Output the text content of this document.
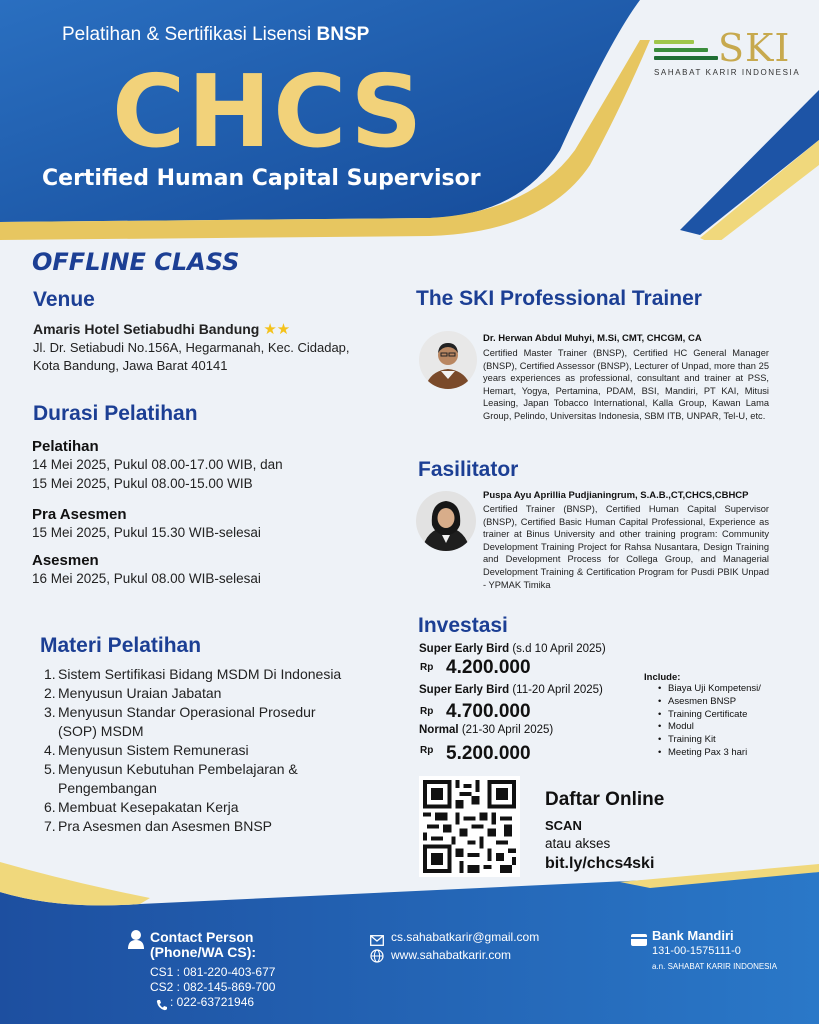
Pelatihan & Sertifikasi Lisensi BNSP
CHCS
Certified Human Capital Supervisor
SKI
SAHABAT KARIR INDONESIA
OFFLINE CLASS
Venue
Amaris Hotel Setiabudhi Bandung ★★
Jl. Dr. Setiabudi No.156A, Hegarmanah, Kec. Cidadap,
Kota Bandung, Jawa Barat 40141
Durasi Pelatihan
Pelatihan
14 Mei 2025, Pukul 08.00-17.00 WIB, dan
15 Mei 2025, Pukul 08.00-15.00 WIB
Pra Asesmen
15 Mei 2025, Pukul 15.30 WIB-selesai
Asesmen
16 Mei 2025, Pukul 08.00 WIB-selesai
Materi Pelatihan
1. Sistem Sertifikasi Bidang MSDM Di Indonesia
2. Menyusun Uraian Jabatan
3. Menyusun Standar Operasional Prosedur (SOP) MSDM
4. Menyusun Sistem Remunerasi
5. Menyusun Kebutuhan Pembelajaran & Pengembangan
6. Membuat Kesepakatan Kerja
7. Pra Asesmen dan Asesmen BNSP
The SKI Professional Trainer
Dr. Herwan Abdul Muhyi, M.Si, CMT, CHCGM, CA
Certified Master Trainer (BNSP), Certified HC General Manager (BNSP), Certified Assessor (BNSP), Lecturer of Unpad, more than 25 years experiences as professional, consultant and trainer at PSS, Hemart, Yogya, Pertamina, PDAM, BSI, Mandiri, PT KAI, Mitusi Leasing, Japan Tobacco International, Kalla Group, Kawan Lama Group, Pelindo, Universitas Indonesia, SBM ITB, UNPAR, Tel-U, etc.
Fasilitator
Puspa Ayu Aprillia Pudjianingrum, S.A.B.,CT,CHCS,CBHCP
Certified Trainer (BNSP), Certified Human Capital Supervisor (BNSP), Certified Basic Human Capital Professional, Experience as trainer at Binus University and other training program: Community Development Training Project for Rahsa Nusantara, Design Training and Development Process for Collega Group, and Managerial Development Training & Certification Program for Pusdi PBIK Unpad - YPMAK Timika
Investasi
Super Early Bird (s.d 10 April 2025)
Rp 4.200.000
Super Early Bird (11-20 April 2025)
Rp 4.700.000
Normal (21-30 April 2025)
Rp 5.200.000
Include:
• Biaya Uji Kompetensi/
• Asesmen BNSP
• Training Certificate
• Modul
• Training Kit
• Meeting Pax 3 hari
Daftar Online
SCAN
atau akses
bit.ly/chcs4ski
Contact Person
(Phone/WA CS):
CS1 : 081-220-403-677
CS2 : 082-145-869-700
: 022-63721946
cs.sahabatkarir@gmail.com
www.sahabatkarir.com
Bank Mandiri
131-00-1575111-0
a.n. SAHABAT KARIR INDONESIA
